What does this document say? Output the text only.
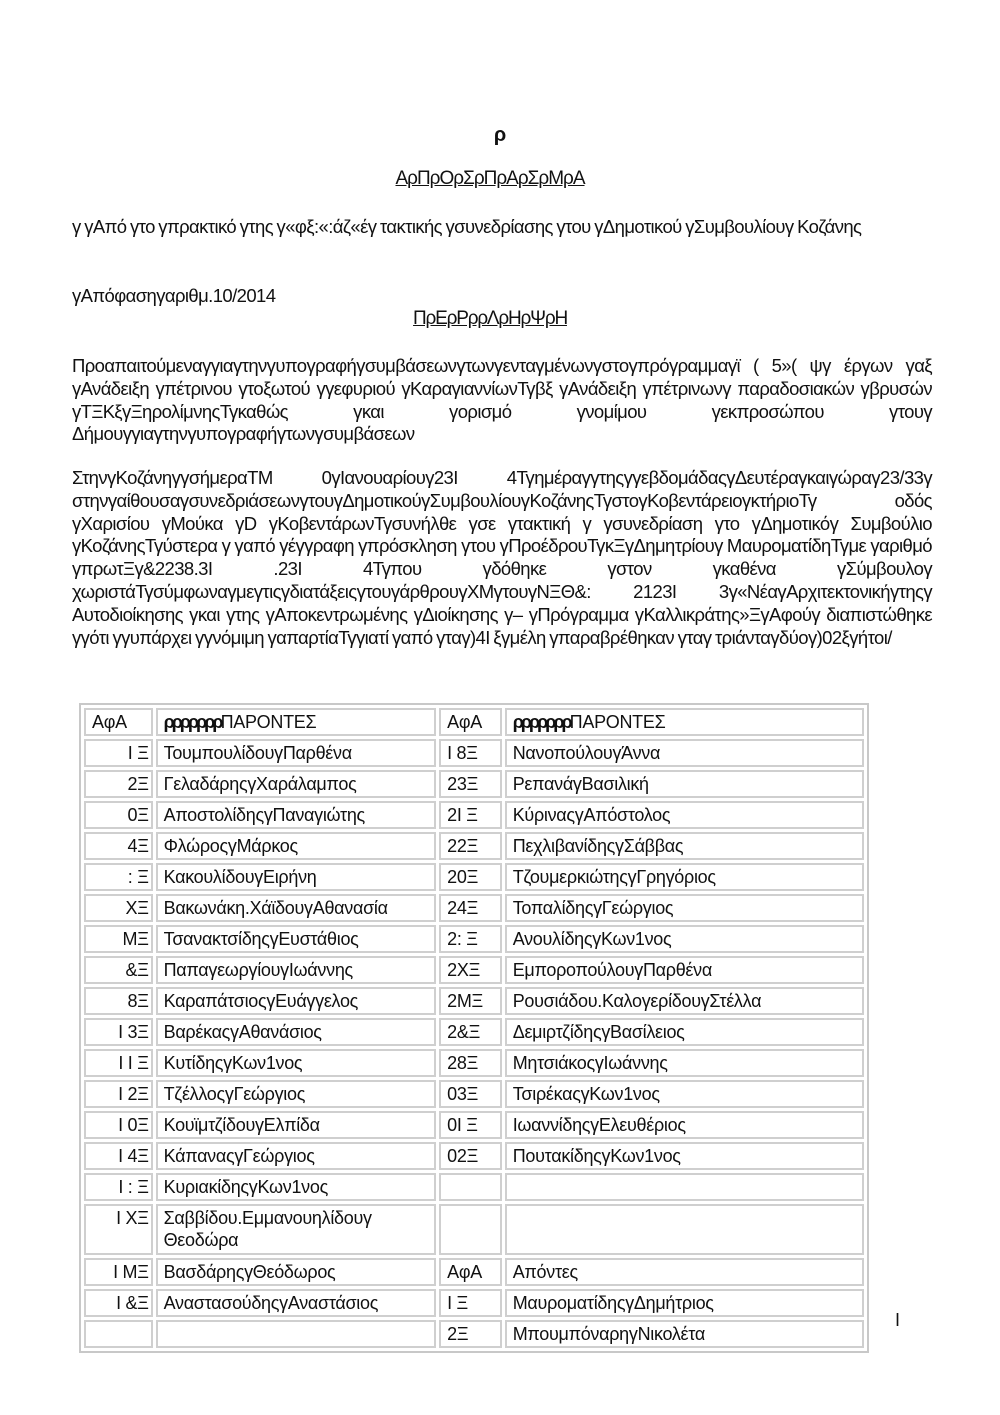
ρ
ΑρΠρΟρΣρΠρΑρΣρΜρΑ
γ γΑπό γτο γπρακτικό γτης γ«φξ:«:άζ«έγ τακτικής γσυνεδρίασης γτου γΔημοτικού γΣυμβουλίουγ Κοζάνης
γΑπόφασηγαριθμ.10/2014
ΠρΕρΡρρΛρΗρΨρΗ
Προαπαιτούμεναγγιαγτηνγυπογραφήγσυμβάσεωνγτωνγενταγμένωνγστογπρόγραμμαγϊ ( 5»( ψγ έργων γαξ γΑνάδειξη γπέτρινου γτοξωτού γγεφυριού γΚαραγιαννίωνΤγβξ γΑνάδειξη γπέτρινωνγ παραδοσιακών γβρυσών γΤΞΚξγΞηρολίμνηςΤγκαθώς γκαι γορισμό γνομίμου γεκπροσώπου γτουγ Δήμουγγιαγτηνγυπογραφήγτωνγσυμβάσεων
ΣτηνγΚοζάνηγγσήμεραΤΜ 0γΙανουαρίουγ23Ι 4ΤγημέραγγτηςγγεβδομάδαςγΔευτέραγκαιγώραγ23/33γ στηνγαίθουσαγσυνεδριάσεωνγτουγΔημοτικούγΣυμβουλίουγΚοζάνηςΤγστογΚοβεντάρειογκτήριοΤγ οδός γΧαρισίου γΜούκα γD γΚοβεντάρωνΤγσυνήλθε γσε γτακτική γ γσυνεδρίαση γτο γΔημοτικόγ Συμβούλιο γΚοζάνηςΤγύστερα γ γαπό γέγγραφη γπρόσκληση γτου γΠροέδρουΤγκΞγΔημητρίουγ ΜαυροματίδηΤγμε γαριθμό γπρωτΞγ&2238.3Ι .23Ι 4Τγπου γδόθηκε γστον γκαθένα γΣύμβουλογ χωριστάΤγσύμφωναγμεγτιςγδιατάξειςγτουγάρθρουγΧΜγτουγΝΞΘ&: 2123Ι 3γ«ΝέαγΑρχιτεκτονικήγτηςγ Αυτοδιοίκησης γκαι γτης γΑποκεντρωμένης γΔιοίκησης γ– γΠρόγραμμα γΚαλλικράτης»ΞγΑφούγ διαπιστώθηκε γγότι γγυπάρχει γγνόμιμη γαπαρτίαΤγγιατί γαπό γταγ)4Ι ξγμέλη γπαραβρέθηκαν γταγ τριάνταγδύογ)02ξγήτοι/
ΑφΑ	ρρρρρρρΠΑΡΟΝΤΕΣ	ΑφΑ	ρρρρρρρΠΑΡΟΝΤΕΣ
Ι Ξ	ΤουμπουλίδουγΠαρθένα	Ι 8Ξ	ΝανοπούλουγΆννα
2Ξ	ΓελαδάρηςγΧαράλαμπος	23Ξ	ΡεπανάγΒασιλική
0Ξ	ΑποστολίδηςγΠαναγιώτης	2Ι Ξ	ΚύριναςγΑπόστολος
4Ξ	ΦλώροςγΜάρκος	22Ξ	ΠεχλιβανίδηςγΣάββας
: Ξ	ΚακουλίδουγΕιρήνη	20Ξ	ΤζουμερκιώτηςγΓρηγόριος
ΧΞ	Βακωνάκη.ΧάϊδουγΑθανασία	24Ξ	ΤοπαλίδηςγΓεώργιος
ΜΞ	ΤσανακτσίδηςγΕυστάθιος	2: Ξ	ΑνουλίδηςγΚων1νος
&Ξ	ΠαπαγεωργίουγΙωάννης	2ΧΞ	ΕμποροπούλουγΠαρθένα
8Ξ	ΚαραπάτσιοςγΕυάγγελος	2ΜΞ	Ρουσιάδου.ΚαλογερίδουγΣτέλλα
Ι 3Ξ	ΒαρέκαςγΑθανάσιος	2&Ξ	ΔεμιρτζίδηςγΒασίλειος
Ι Ι Ξ	ΚυτίδηςγΚων1νος	28Ξ	ΜητσιάκοςγΙωάννης
Ι 2Ξ	ΤζέλλοςγΓεώργιος	03Ξ	ΤσιρέκαςγΚων1νος
Ι 0Ξ	ΚουϊμτζίδουγΕλπίδα	0Ι Ξ	ΙωαννίδηςγΕλευθέριος
Ι 4Ξ	ΚάπαναςγΓεώργιος	02Ξ	ΠουτακίδηςγΚων1νος
Ι : Ξ	ΚυριακίδηςγΚων1νος		
Ι ΧΞ	Σαββίδου.Εμμανουηλίδουγ Θεοδώρα		
Ι ΜΞ	ΒασδάρηςγΘεόδωρος	ΑφΑ	Απόντες
Ι &Ξ	ΑναστασούδηςγΑναστάσιος	Ι Ξ	ΜαυροματίδηςγΔημήτριος
		2Ξ	ΜπουμπόναρηγΝικολέτα
Ι
